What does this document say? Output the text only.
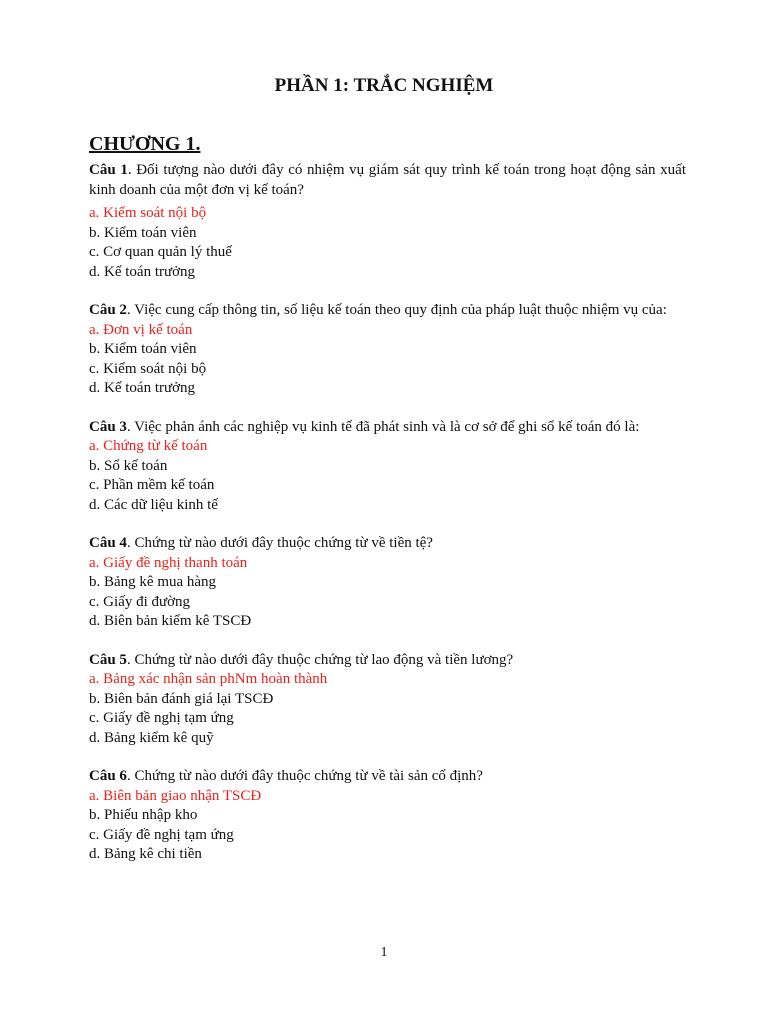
PHẦN 1: TRẮC NGHIỆM
CHƯƠNG 1.
Câu 1. Đối tượng nào dưới đây có nhiệm vụ giám sát quy trình kế toán trong hoạt động sản xuất kinh doanh của một đơn vị kế toán?
a. Kiểm soát nội bộ
b. Kiểm toán viên
c. Cơ quan quản lý thuế
d. Kế toán trưởng
Câu 2. Việc cung cấp thông tin, số liệu kế toán theo quy định của pháp luật thuộc nhiệm vụ của:
a. Đơn vị kế toán
b. Kiểm toán viên
c. Kiểm soát nội bộ
d. Kế toán trưởng
Câu 3. Việc phản ánh các nghiệp vụ kinh tế đã phát sinh và là cơ sở để ghi sổ kế toán đó là:
a. Chứng từ kế toán
b. Sổ kế toán
c. Phần mềm kế toán
d. Các dữ liệu kinh tế
Câu 4. Chứng từ nào dưới đây thuộc chứng từ về tiền tệ?
a. Giấy đề nghị thanh toán
b. Bảng kê mua hàng
c. Giấy đi đường
d. Biên bản kiểm kê TSCĐ
Câu 5. Chứng từ nào dưới đây thuộc chứng từ lao động và tiền lương?
a. Bảng xác nhận sản phNm hoàn thành
b. Biên bản đánh giá lại TSCĐ
c. Giấy đề nghị tạm ứng
d. Bảng kiểm kê quỹ
Câu 6. Chứng từ nào dưới đây thuộc chứng từ về tài sản cố định?
a. Biên bản giao nhận TSCĐ
b. Phiếu nhập kho
c. Giấy đề nghị tạm ứng
d. Bảng kê chi tiền
1
